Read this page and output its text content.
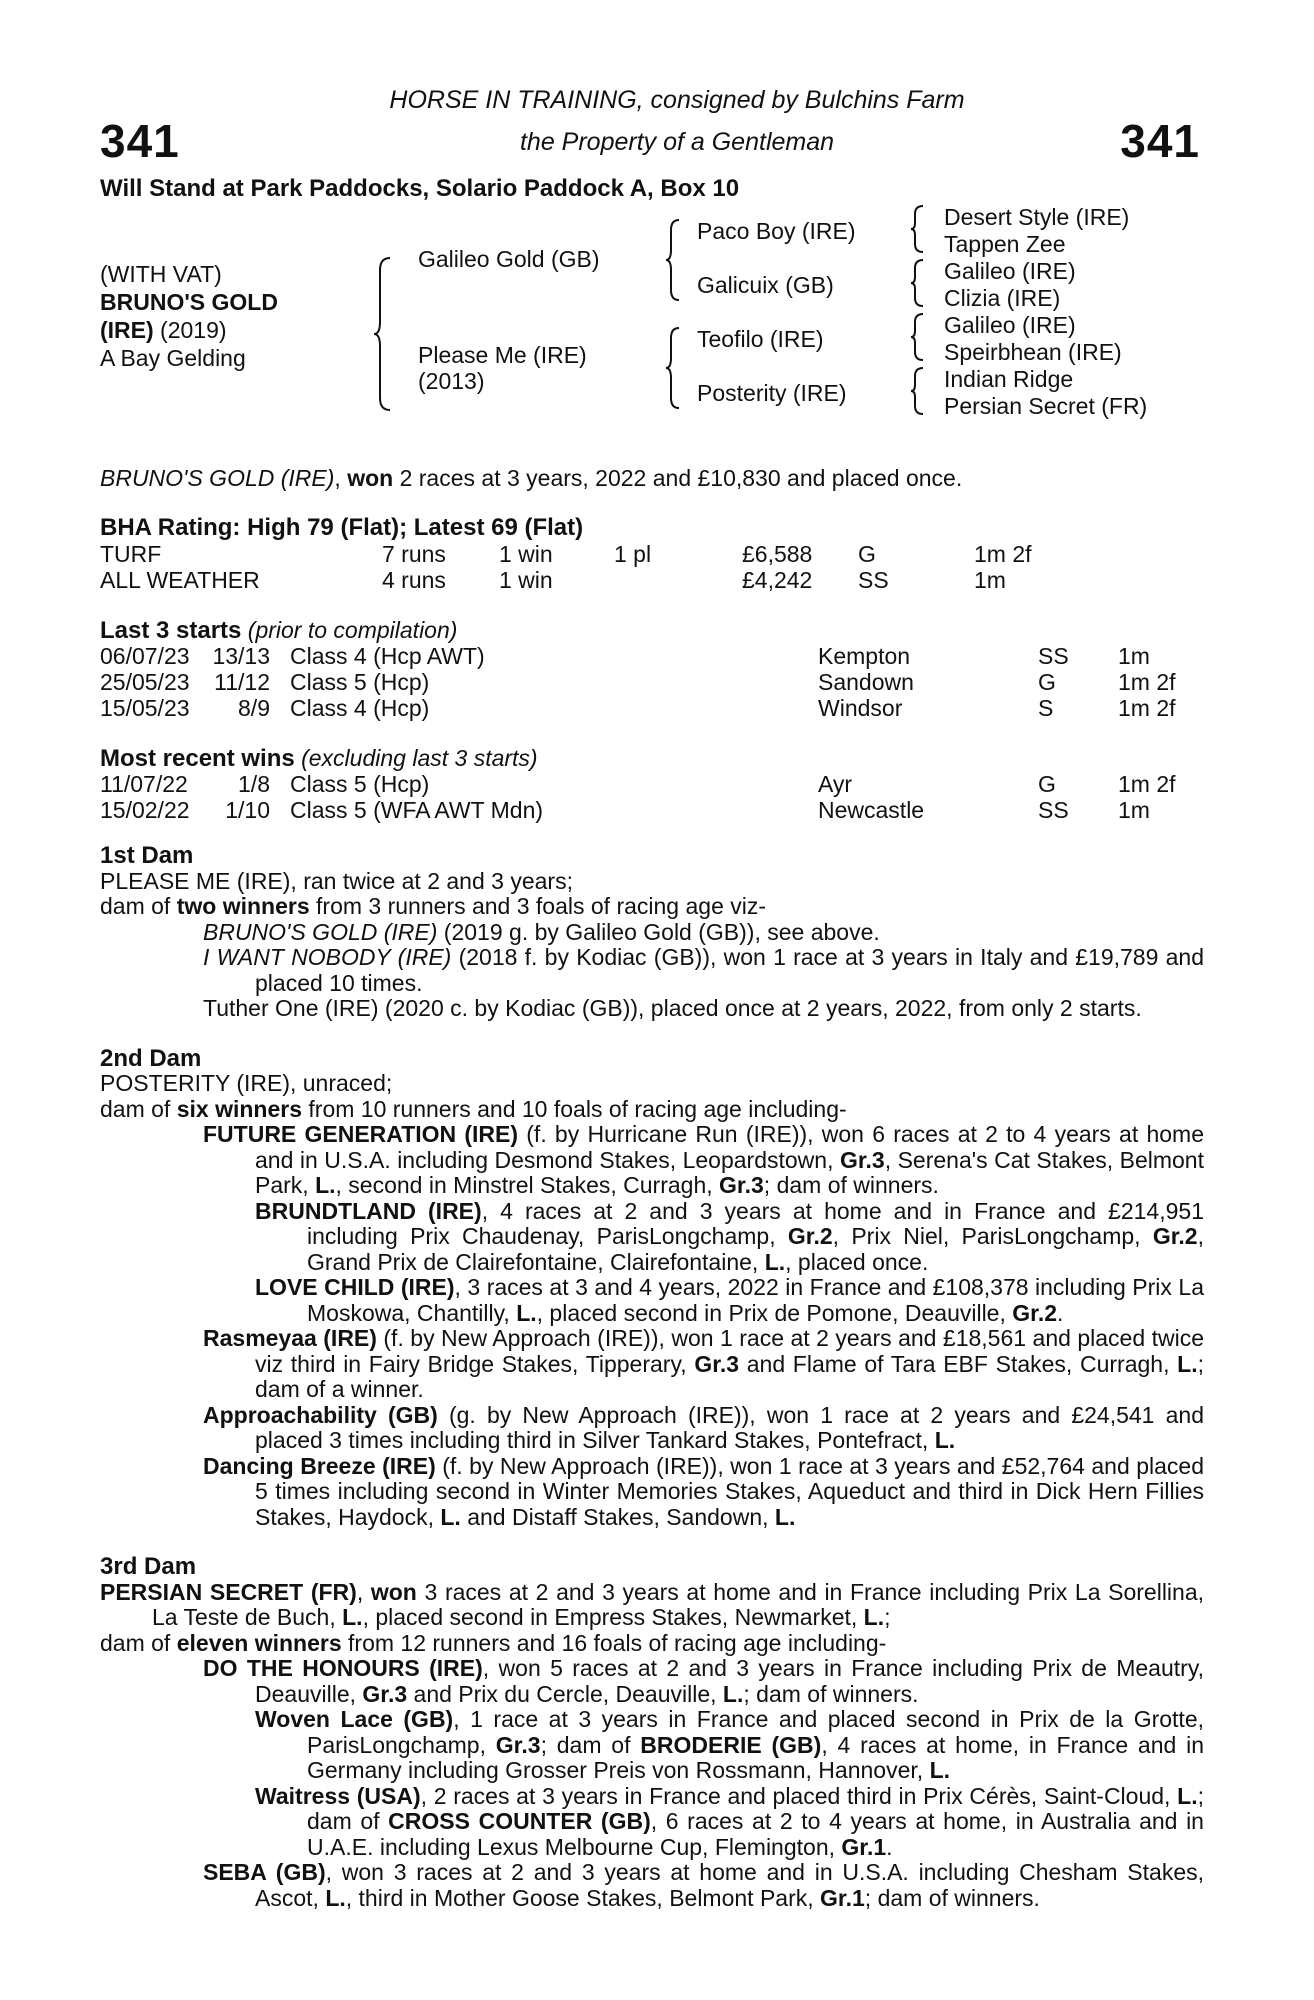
341	341
HORSE IN TRAINING, consigned by Bulchins Farm
the Property of a Gentleman
Will Stand at Park Paddocks, Solario Paddock A, Box 10
(WITH VAT)
BRUNO'S GOLD
(IRE) (2019)
A Bay Gelding
Galileo Gold (GB)
Please Me (IRE)
(2013)
Paco Boy (IRE)
Galicuix (GB)
Teofilo (IRE)
Posterity (IRE)
Desert Style (IRE)
Tappen Zee
Galileo (IRE)
Clizia (IRE)
Galileo (IRE)
Speirbhean (IRE)
Indian Ridge
Persian Secret (FR)
BRUNO'S GOLD (IRE), won 2 races at 3 years, 2022 and £10,830 and placed once.
BHA Rating: High 79 (Flat); Latest 69 (Flat)
TURF	7 runs 1 win	1 pl	£6,588 G	1m 2f
ALL WEATHER	4 runs 1 win	£4,242 SS	1m
Last 3 starts (prior to compilation)
06/07/23 13/13 Class 4 (Hcp AWT)	Kempton	SS 1m
25/05/23	11/12 Class 5 (Hcp)	Sandown	G	1m 2f
15/05/23	8/9 Class 4 (Hcp)	Windsor	S	1m 2f
Most recent wins (excluding last 3 starts)
11/07/22	1/8 Class 5 (Hcp)	Ayr	G	1m 2f
15/02/22	1/10 Class 5 (WFA AWT Mdn)	Newcastle	SS 1m
1st Dam
PLEASE ME (IRE), ran twice at 2 and 3 years;
dam of two winners from 3 runners and 3 foals of racing age viz-
BRUNO'S GOLD (IRE) (2019 g. by Galileo Gold (GB)), see above.
I WANT NOBODY (IRE) (2018 f. by Kodiac (GB)), won 1 race at 3 years in Italy and £19,789 and placed 10 times.
Tuther One (IRE) (2020 c. by Kodiac (GB)), placed once at 2 years, 2022, from only 2 starts.
2nd Dam
POSTERITY (IRE), unraced;
dam of six winners from 10 runners and 10 foals of racing age including-
FUTURE GENERATION (IRE) (f. by Hurricane Run (IRE)), won 6 races at 2 to 4 years at home and in U.S.A. including Desmond Stakes, Leopardstown, Gr.3, Serena's Cat Stakes, Belmont Park, L., second in Minstrel Stakes, Curragh, Gr.3; dam of winners.
BRUNDTLAND (IRE), 4 races at 2 and 3 years at home and in France and £214,951 including Prix Chaudenay, ParisLongchamp, Gr.2, Prix Niel, ParisLongchamp, Gr.2, Grand Prix de Clairefontaine, Clairefontaine, L., placed once.
LOVE CHILD (IRE), 3 races at 3 and 4 years, 2022 in France and £108,378 including Prix La Moskowa, Chantilly, L., placed second in Prix de Pomone, Deauville, Gr.2.
Rasmeyaa (IRE) (f. by New Approach (IRE)), won 1 race at 2 years and £18,561 and placed twice viz third in Fairy Bridge Stakes, Tipperary, Gr.3 and Flame of Tara EBF Stakes, Curragh, L.; dam of a winner.
Approachability (GB) (g. by New Approach (IRE)), won 1 race at 2 years and £24,541 and placed 3 times including third in Silver Tankard Stakes, Pontefract, L.
Dancing Breeze (IRE) (f. by New Approach (IRE)), won 1 race at 3 years and £52,764 and placed 5 times including second in Winter Memories Stakes, Aqueduct and third in Dick Hern Fillies Stakes, Haydock, L. and Distaff Stakes, Sandown, L.
3rd Dam
PERSIAN SECRET (FR), won 3 races at 2 and 3 years at home and in France including Prix La Sorellina, La Teste de Buch, L., placed second in Empress Stakes, Newmarket, L.;
dam of eleven winners from 12 runners and 16 foals of racing age including-
DO THE HONOURS (IRE), won 5 races at 2 and 3 years in France including Prix de Meautry, Deauville, Gr.3 and Prix du Cercle, Deauville, L.; dam of winners.
Woven Lace (GB), 1 race at 3 years in France and placed second in Prix de la Grotte, ParisLongchamp, Gr.3; dam of BRODERIE (GB), 4 races at home, in France and in Germany including Grosser Preis von Rossmann, Hannover, L.
Waitress (USA), 2 races at 3 years in France and placed third in Prix Cérès, Saint-Cloud, L.; dam of CROSS COUNTER (GB), 6 races at 2 to 4 years at home, in Australia and in U.A.E. including Lexus Melbourne Cup, Flemington, Gr.1.
SEBA (GB), won 3 races at 2 and 3 years at home and in U.S.A. including Chesham Stakes, Ascot, L., third in Mother Goose Stakes, Belmont Park, Gr.1; dam of winners.
